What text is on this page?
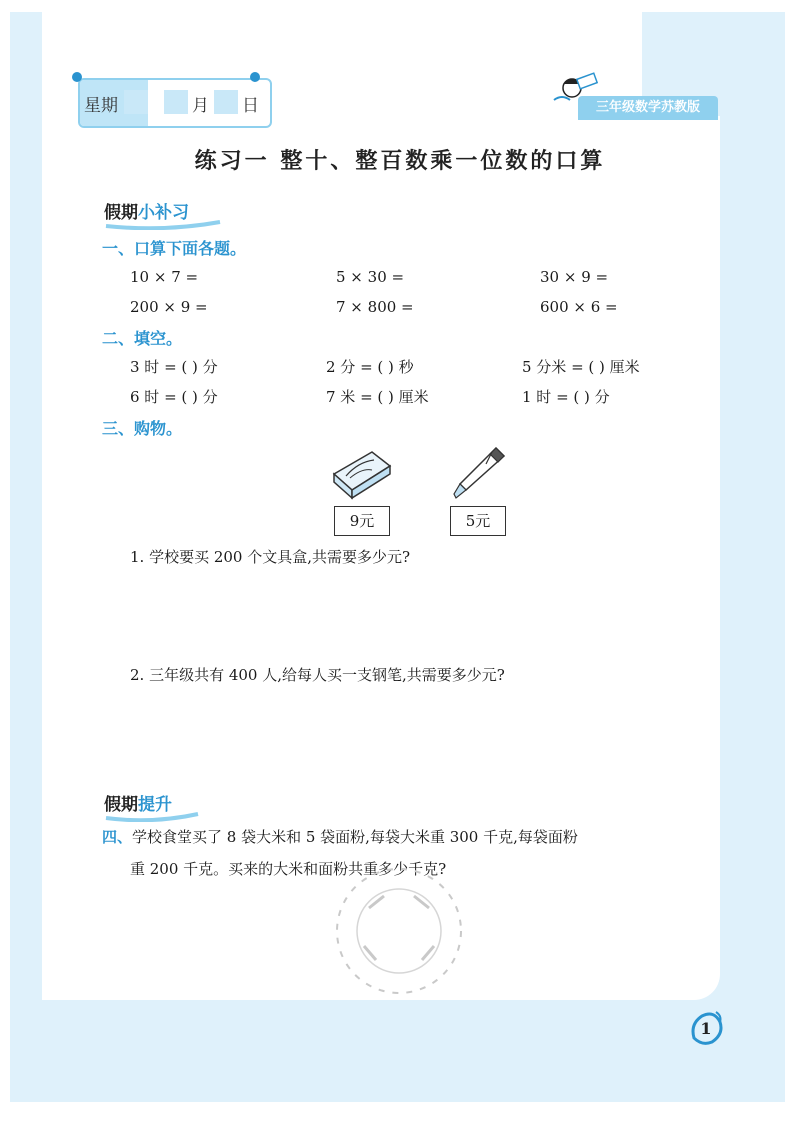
星期	月 日	三年级数学苏教版
练习一 整十、整百数乘一位数的口算
假期小补习
一、口算下面各题。
10 × 7 =	5 × 30 =	30 × 9 =
200 × 9 =	7 × 800 =	600 × 6 =
二、填空。
3 时 = ( ) 分	2 分 = ( ) 秒	5 分米 = ( ) 厘米
6 时 = ( ) 分	7 米 = ( ) 厘米	1 时 = ( ) 分
三、购物。
9元	5元
1. 学校要买 200 个文具盒,共需要多少元?
2. 三年级共有 400 人,给每人买一支钢笔,共需要多少元?
假期提升
四、学校食堂买了 8 袋大米和 5 袋面粉,每袋大米重 300 千克,每袋面粉
重 200 千克。买来的大米和面粉共重多少千克?
1
